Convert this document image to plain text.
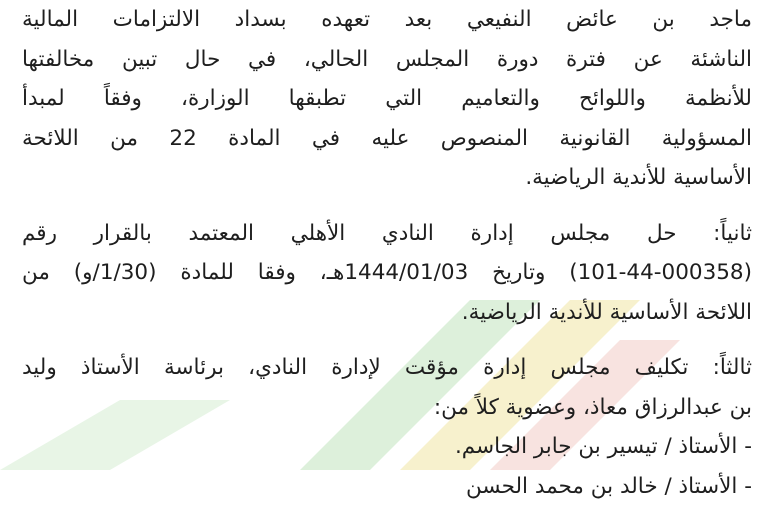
ماجد بن عائض النفيعي بعد تعهده بسداد الالتزامات المالية
الناشئة عن فترة دورة المجلس الحالي، في حال تبين مخالفتها
للأنظمة واللوائح والتعاميم التي تطبقها الوزارة، وفقاً لمبدأ
المسؤولية القانونية المنصوص عليه في المادة 22 من اللائحة
الأساسية للأندية الرياضية.
ثانياً: حل مجلس إدارة النادي الأهلي المعتمد بالقرار رقم
(101-44-000358) وتاريخ 1444/01/03هـ، وفقا للمادة (1/30/و) من
اللائحة الأساسية للأندية الرياضية.
ثالثاً: تكليف مجلس إدارة مؤقت لإدارة النادي، برئاسة الأستاذ وليد
بن عبدالرزاق معاذ، وعضوية كلاً من:
- الأستاذ / تيسير بن جابر الجاسم.
- الأستاذ / خالد بن محمد الحسن
